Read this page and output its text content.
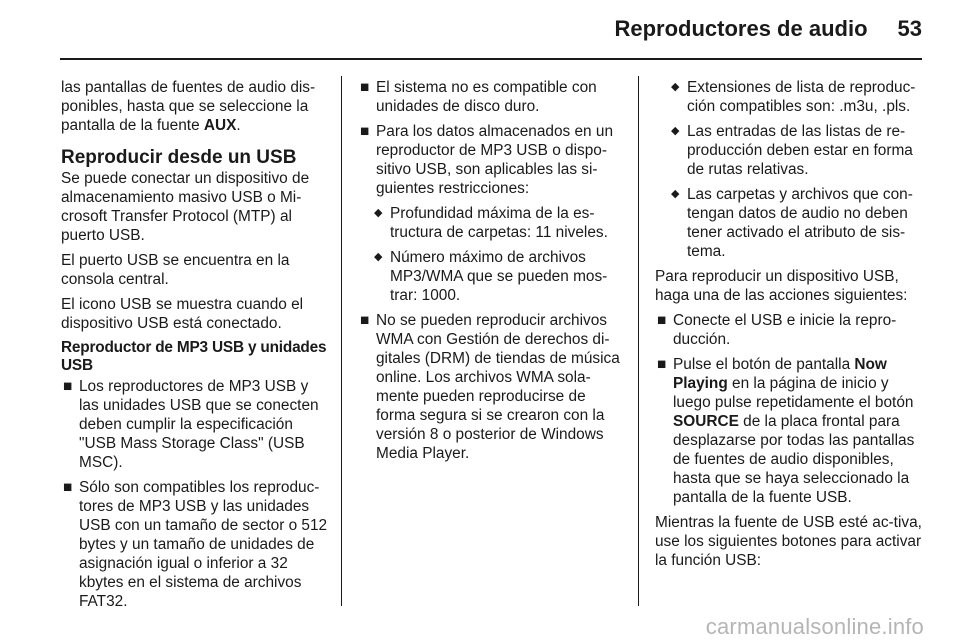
Reproductores de audio 53

las pantallas de fuentes de audio dis-ponibles, hasta que se seleccione la pantalla de la fuente AUX.

Reproducir desde un USB

Se puede conectar un dispositivo de almacenamiento masivo USB o Mi-crosoft Transfer Protocol (MTP) al puerto USB.

El puerto USB se encuentra en la consola central.

El icono USB se muestra cuando el dispositivo USB está conectado.

Reproductor de MP3 USB y unidades USB
■ Los reproductores de MP3 USB y las unidades USB que se conecten deben cumplir la especificación "USB Mass Storage Class" (USB MSC).
■ Sólo son compatibles los reproduc-tores de MP3 USB y las unidades USB con un tamaño de sector o 512 bytes y un tamaño de unidades de asignación igual o inferior a 32 kbytes en el sistema de archivos FAT32.
■ El sistema no es compatible con unidades de disco duro.
■ Para los datos almacenados en un reproductor de MP3 USB o dispo-sitivo USB, son aplicables las si-guientes restricciones:
◆ Profundidad máxima de la es-tructura de carpetas: 11 niveles.
◆ Número máximo de archivos MP3/WMA que se pueden mos-trar: 1000.
■ No se pueden reproducir archivos WMA con Gestión de derechos di-gitales (DRM) de tiendas de música online. Los archivos WMA sola-mente pueden reproducirse de forma segura si se crearon con la versión 8 o posterior de Windows Media Player.
◆ Extensiones de lista de reproduc-ción compatibles son: .m3u, .pls.
◆ Las entradas de las listas de re-producción deben estar en forma de rutas relativas.
◆ Las carpetas y archivos que con-tengan datos de audio no deben tener activado el atributo de sis-tema.

Para reproducir un dispositivo USB, haga una de las acciones siguientes:

■ Conecte el USB e inicie la repro-ducción.
■ Pulse el botón de pantalla Now Playing en la página de inicio y luego pulse repetidamente el botón SOURCE de la placa frontal para desplazarse por todas las pantallas de fuentes de audio disponibles, hasta que se haya seleccionado la pantalla de la fuente USB.

Mientras la fuente de USB esté ac-tiva, use los siguientes botones para activar la función USB:

carmanualsonline.info
